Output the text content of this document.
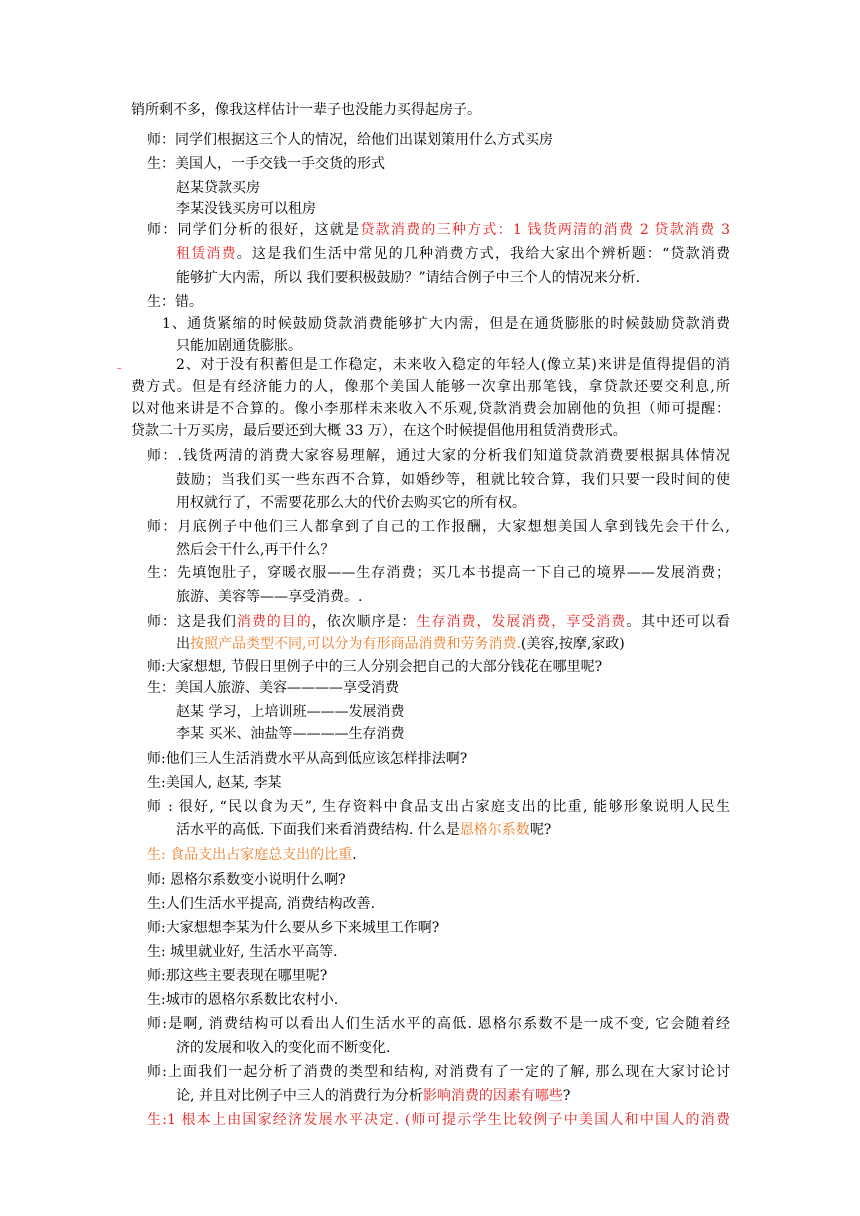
销所剩不多，像我这样估计一辈子也没能力买得起房子。
师：同学们根据这三个人的情况，给他们出谋划策用什么方式买房
生：美国人，一手交钱一手交货的形式
赵某贷款买房
李某没钱买房可以租房
师：同学们分析的很好，这就是贷款消费的三种方式：1 钱货两清的消费 2 贷款消费 3
租赁消费。这是我们生活中常见的几种消费方式，我给大家出个辨析题：“贷款消费
能够扩大内需，所以 我们要积极鼓励？”请结合例子中三个人的情况来分析.
生：错。
1、通货紧缩的时候鼓励贷款消费能够扩大内需，但是在通货膨胀的时候鼓励贷款消费
只能加剧通货膨胀。
2、对于没有积蓄但是工作稳定，未来收入稳定的年轻人(像立某)来讲是值得提倡的消
费方式。但是有经济能力的人，像那个美国人能够一次拿出那笔钱，拿贷款还要交利息,所
以对他来讲是不合算的。像小李那样未来收入不乐观,贷款消费会加剧他的负担（师可提醒：
贷款二十万买房，最后要还到大概 33 万），在这个时候提倡他用租赁消费形式。
师：.钱货两清的消费大家容易理解，通过大家的分析我们知道贷款消费要根据具体情况
鼓励；当我们买一些东西不合算，如婚纱等，租就比较合算，我们只要一段时间的使
用权就行了，不需要花那么大的代价去购买它的所有权。
师：月底例子中他们三人都拿到了自己的工作报酬，大家想想美国人拿到钱先会干什么,
然后会干什么,再干什么？
生：先填饱肚子，穿暖衣服——生存消费；买几本书提高一下自己的境界——发展消费；
旅游、美容等——享受消费。.
师：这是我们消费的目的，依次顺序是：生存消费，发展消费，享受消费。其中还可以看
出按照产品类型不同,可以分为有形商品消费和劳务消费.(美容,按摩,家政)
师:大家想想, 节假日里例子中的三人分别会把自己的大部分钱花在哪里呢?
生：美国人旅游、美容————享受消费
赵某 学习，上培训班———发展消费
李某 买米、油盐等————生存消费
师:他们三人生活消费水平从高到低应该怎样排法啊?
生:美国人, 赵某, 李某
师 : 很好, “民以食为天”, 生存资料中食品支出占家庭支出的比重, 能够形象说明人民生
活水平的高低. 下面我们来看消费结构. 什么是恩格尔系数呢?
生: 食品支出占家庭总支出的比重.
师: 恩格尔系数变小说明什么啊?
生:人们生活水平提高, 消费结构改善.
师:大家想想李某为什么要从乡下来城里工作啊?
生: 城里就业好, 生活水平高等.
师:那这些主要表现在哪里呢?
生:城市的恩格尔系数比农村小.
师:是啊, 消费结构可以看出人们生活水平的高低. 恩格尔系数不是一成不变, 它会随着经
济的发展和收入的变化而不断变化.
师:上面我们一起分析了消费的类型和结构, 对消费有了一定的了解, 那么现在大家讨论讨
论, 并且对比例子中三人的消费行为分析影响消费的因素有哪些?
生:1 根本上由国家经济发展水平决定. (师可提示学生比较例子中美国人和中国人的消费
–
